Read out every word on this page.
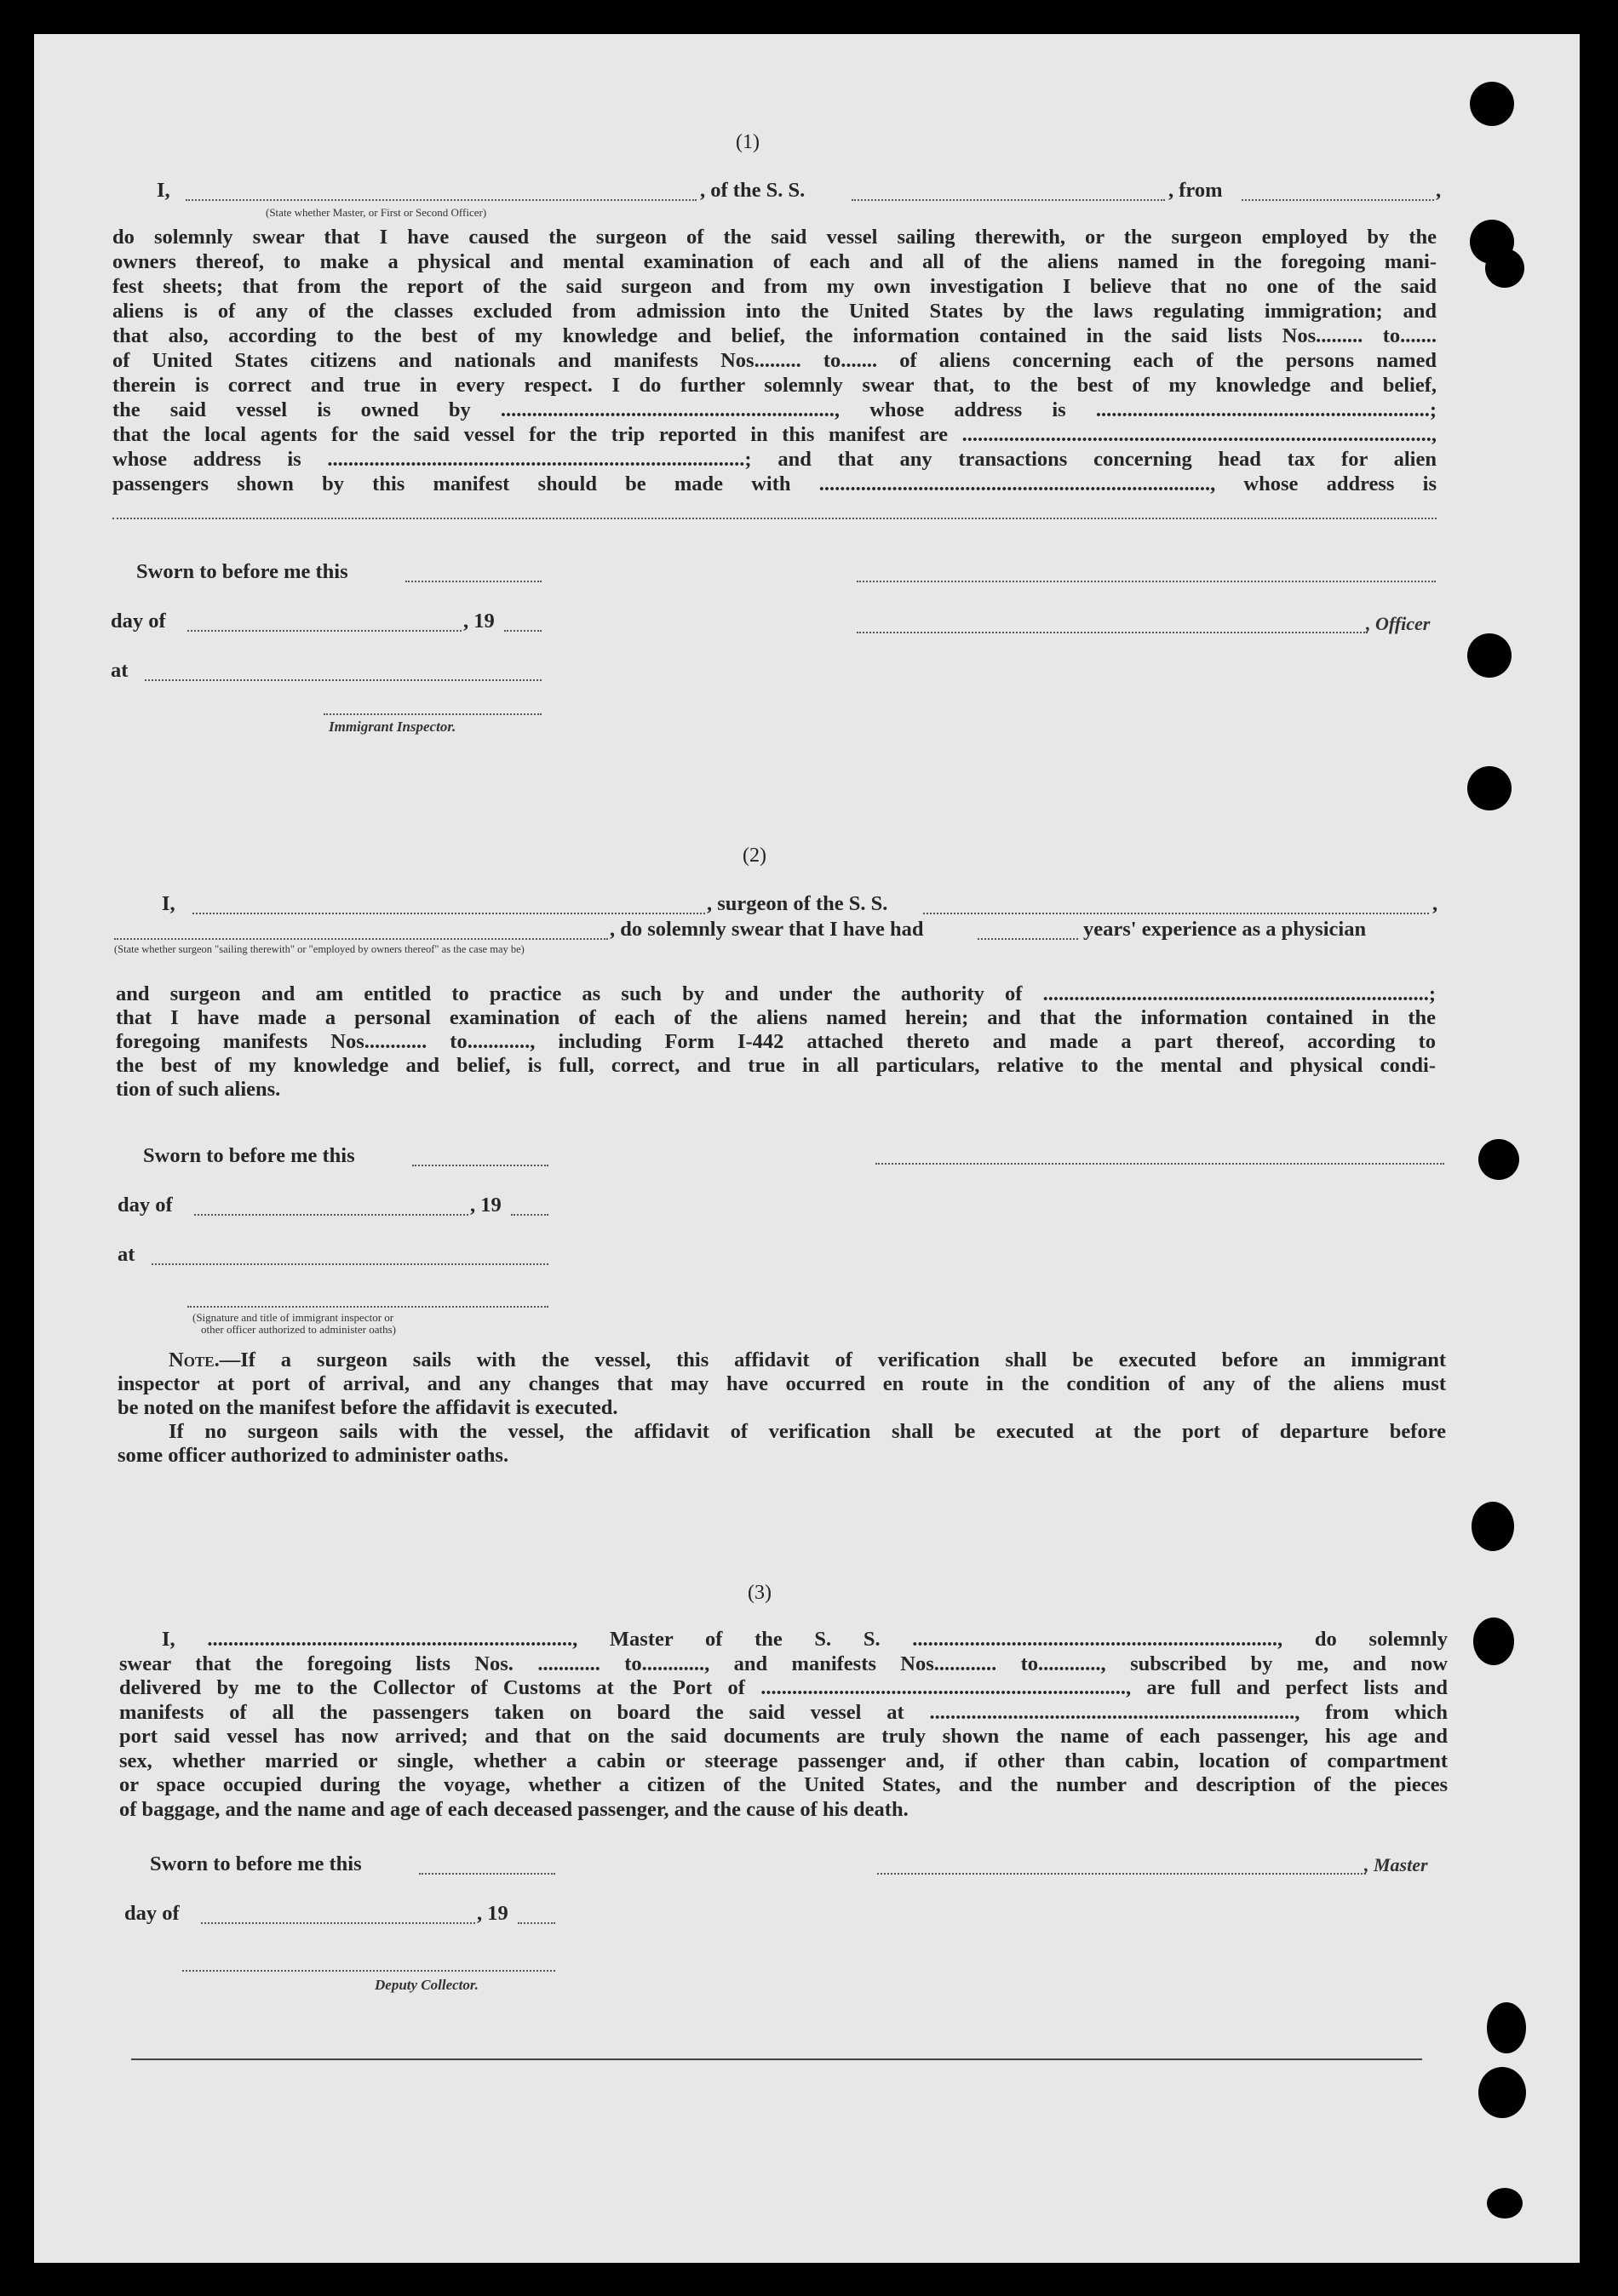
(1)
I,	, of the S. S.	, from	,
(State whether Master, or First or Second Officer)
do solemnly swear that I have caused the surgeon of the said vessel sailing therewith, or the surgeon employed by the
owners thereof, to make a physical and mental examination of each and all of the aliens named in the foregoing mani-
fest sheets; that from the report of the said surgeon and from my own investigation I believe that no one of the said
aliens is of any of the classes excluded from admission into the United States by the laws regulating immigration; and
that also, according to the best of my knowledge and belief, the information contained in the said lists Nos......... to.......
of United States citizens and nationals and manifests Nos......... to....... of aliens concerning each of the persons named
therein is correct and true in every respect. I do further solemnly swear that, to the best of my knowledge and belief,
the said vessel is owned by ................................................................, whose address is ................................................................;
that the local agents for the said vessel for the trip reported in this manifest are ..........................................................................................,
whose address is ................................................................................; and that any transactions concerning head tax for alien
passengers shown by this manifest should be made with ..........................................................................., whose address is
Sworn to before me this
day of	, 19	, Officer
at
Immigrant Inspector.
(2)
I,	, surgeon of the S. S.	,
, do solemnly swear that I have had	years' experience as a physician
(State whether surgeon "sailing therewith" or "employed by owners thereof" as the case may be)
and surgeon and am entitled to practice as such by and under the authority of ..........................................................................;
that I have made a personal examination of each of the aliens named herein; and that the information contained in the
foregoing manifests Nos............ to............, including Form I-442 attached thereto and made a part thereof, according to
the best of my knowledge and belief, is full, correct, and true in all particulars, relative to the mental and physical condi-
tion of such aliens.
Sworn to before me this
day of	, 19
at
(Signature and title of immigrant inspector or
other officer authorized to administer oaths)
Note.—If a surgeon sails with the vessel, this affidavit of verification shall be executed before an immigrant
inspector at port of arrival, and any changes that may have occurred en route in the condition of any of the aliens must
be noted on the manifest before the affidavit is executed.
If no surgeon sails with the vessel, the affidavit of verification shall be executed at the port of departure before
some officer authorized to administer oaths.
(3)
I, ......................................................................, Master of the S. S. ......................................................................, do solemnly
swear that the foregoing lists Nos. ............ to............, and manifests Nos............ to............, subscribed by me, and now
delivered by me to the Collector of Customs at the Port of ......................................................................, are full and perfect lists and
manifests of all the passengers taken on board the said vessel at ......................................................................, from which
port said vessel has now arrived; and that on the said documents are truly shown the name of each passenger, his age and
sex, whether married or single, whether a cabin or steerage passenger and, if other than cabin, location of compartment
or space occupied during the voyage, whether a citizen of the United States, and the number and description of the pieces
of baggage, and the name and age of each deceased passenger, and the cause of his death.
Sworn to before me this	, Master
day of	, 19
Deputy Collector.
